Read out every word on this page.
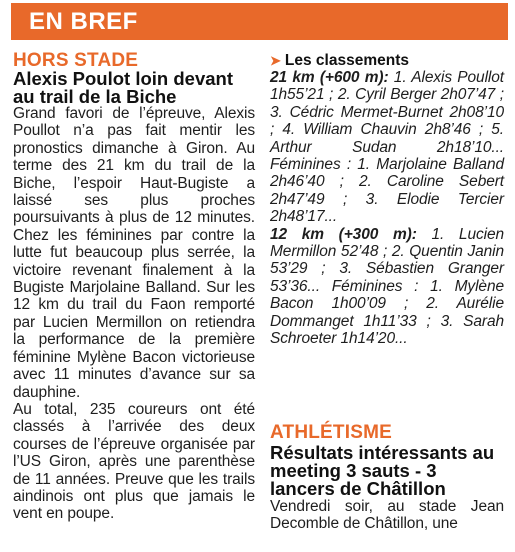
EN BREF
HORS STADE
Alexis Poulot loin devant au trail de la Biche

Grand favori de l’épreuve, Alexis Poullot n’a pas fait mentir les pronostics dimanche à Giron. Au terme des 21 km du trail de la Biche, l’espoir Haut-Bugiste a laissé ses plus proches poursuivants à plus de 12 minutes. Chez les féminines par contre la lutte fut beaucoup plus serrée, la victoire revenant finalement à la Bugiste Marjolaine Balland. Sur les 12 km du trail du Faon remporté par Lucien Mermillon on retiendra la performance de la première féminine Mylène Bacon victorieuse avec 11 minutes d’avance sur sa dauphine.

Au total, 235 coureurs ont été classés à l’arrivée des deux courses de l’épreuve organisée par l’US Giron, après une parenthèse de 11 années. Preuve que les trails aindinois ont plus que jamais le vent en poupe.

➤ Les classements
21 km (+600 m): 1. Alexis Poullot 1h55’21 ; 2. Cyril Berger 2h07’47 ; 3. Cédric Mermet-Burnet 2h08’10 ; 4. William Chauvin 2h8’46 ; 5. Arthur Sudan 2h18’10... Féminines : 1. Marjolaine Balland 2h46’40 ; 2. Caroline Sebert 2h47’49 ; 3. Elodie Tercier 2h48’17...
12 km (+300 m): 1. Lucien Mermillon 52’48 ; 2. Quentin Janin 53’29 ; 3. Sébastien Granger 53’36... Féminines : 1. Mylène Bacon 1h00’09 ; 2. Aurélie Dommanget 1h11’33 ; 3. Sarah Schroeter 1h14’20...
ATHLÉTISME
Résultats intéressants au meeting 3 sauts - 3 lancers de Châtillon
Vendredi soir, au stade Jean Decomble de Châtillon, une
